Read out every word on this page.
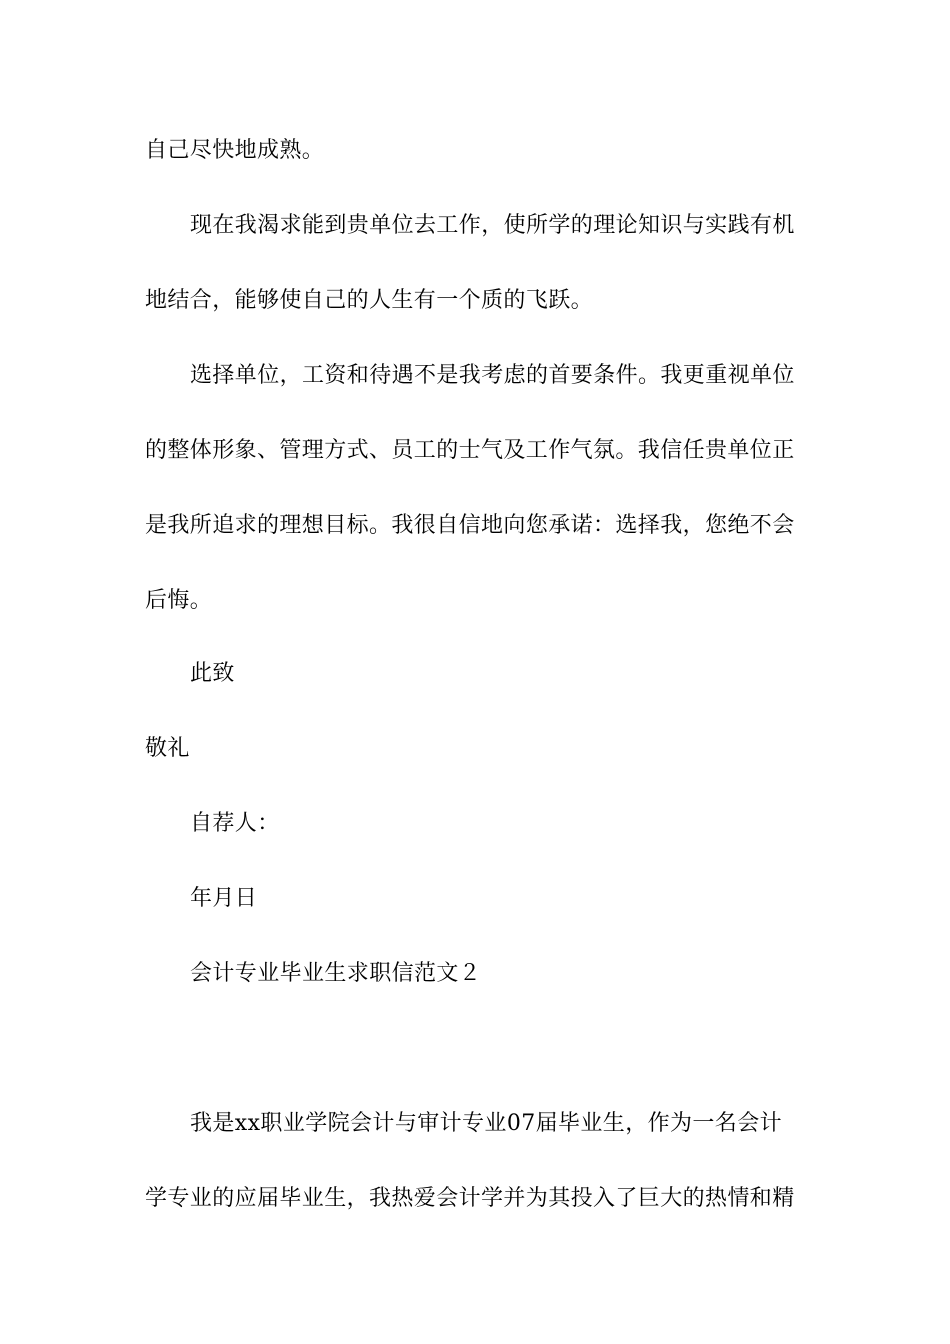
自己尽快地成熟。
现在我渴求能到贵单位去工作，使所学的理论知识与实践有机
地结合，能够使自己的人生有一个质的飞跃。
选择单位，工资和待遇不是我考虑的首要条件。我更重视单位
的整体形象、管理方式、员工的士气及工作气氛。我信任贵单位正
是我所追求的理想目标。我很自信地向您承诺：选择我，您绝不会
后悔。
此致
敬礼
自荐人：
年月日
会计专业毕业生求职信范文２
我是xx职业学院会计与审计专业07届毕业生，作为一名会计
学专业的应届毕业生，我热爱会计学并为其投入了巨大的热情和精
